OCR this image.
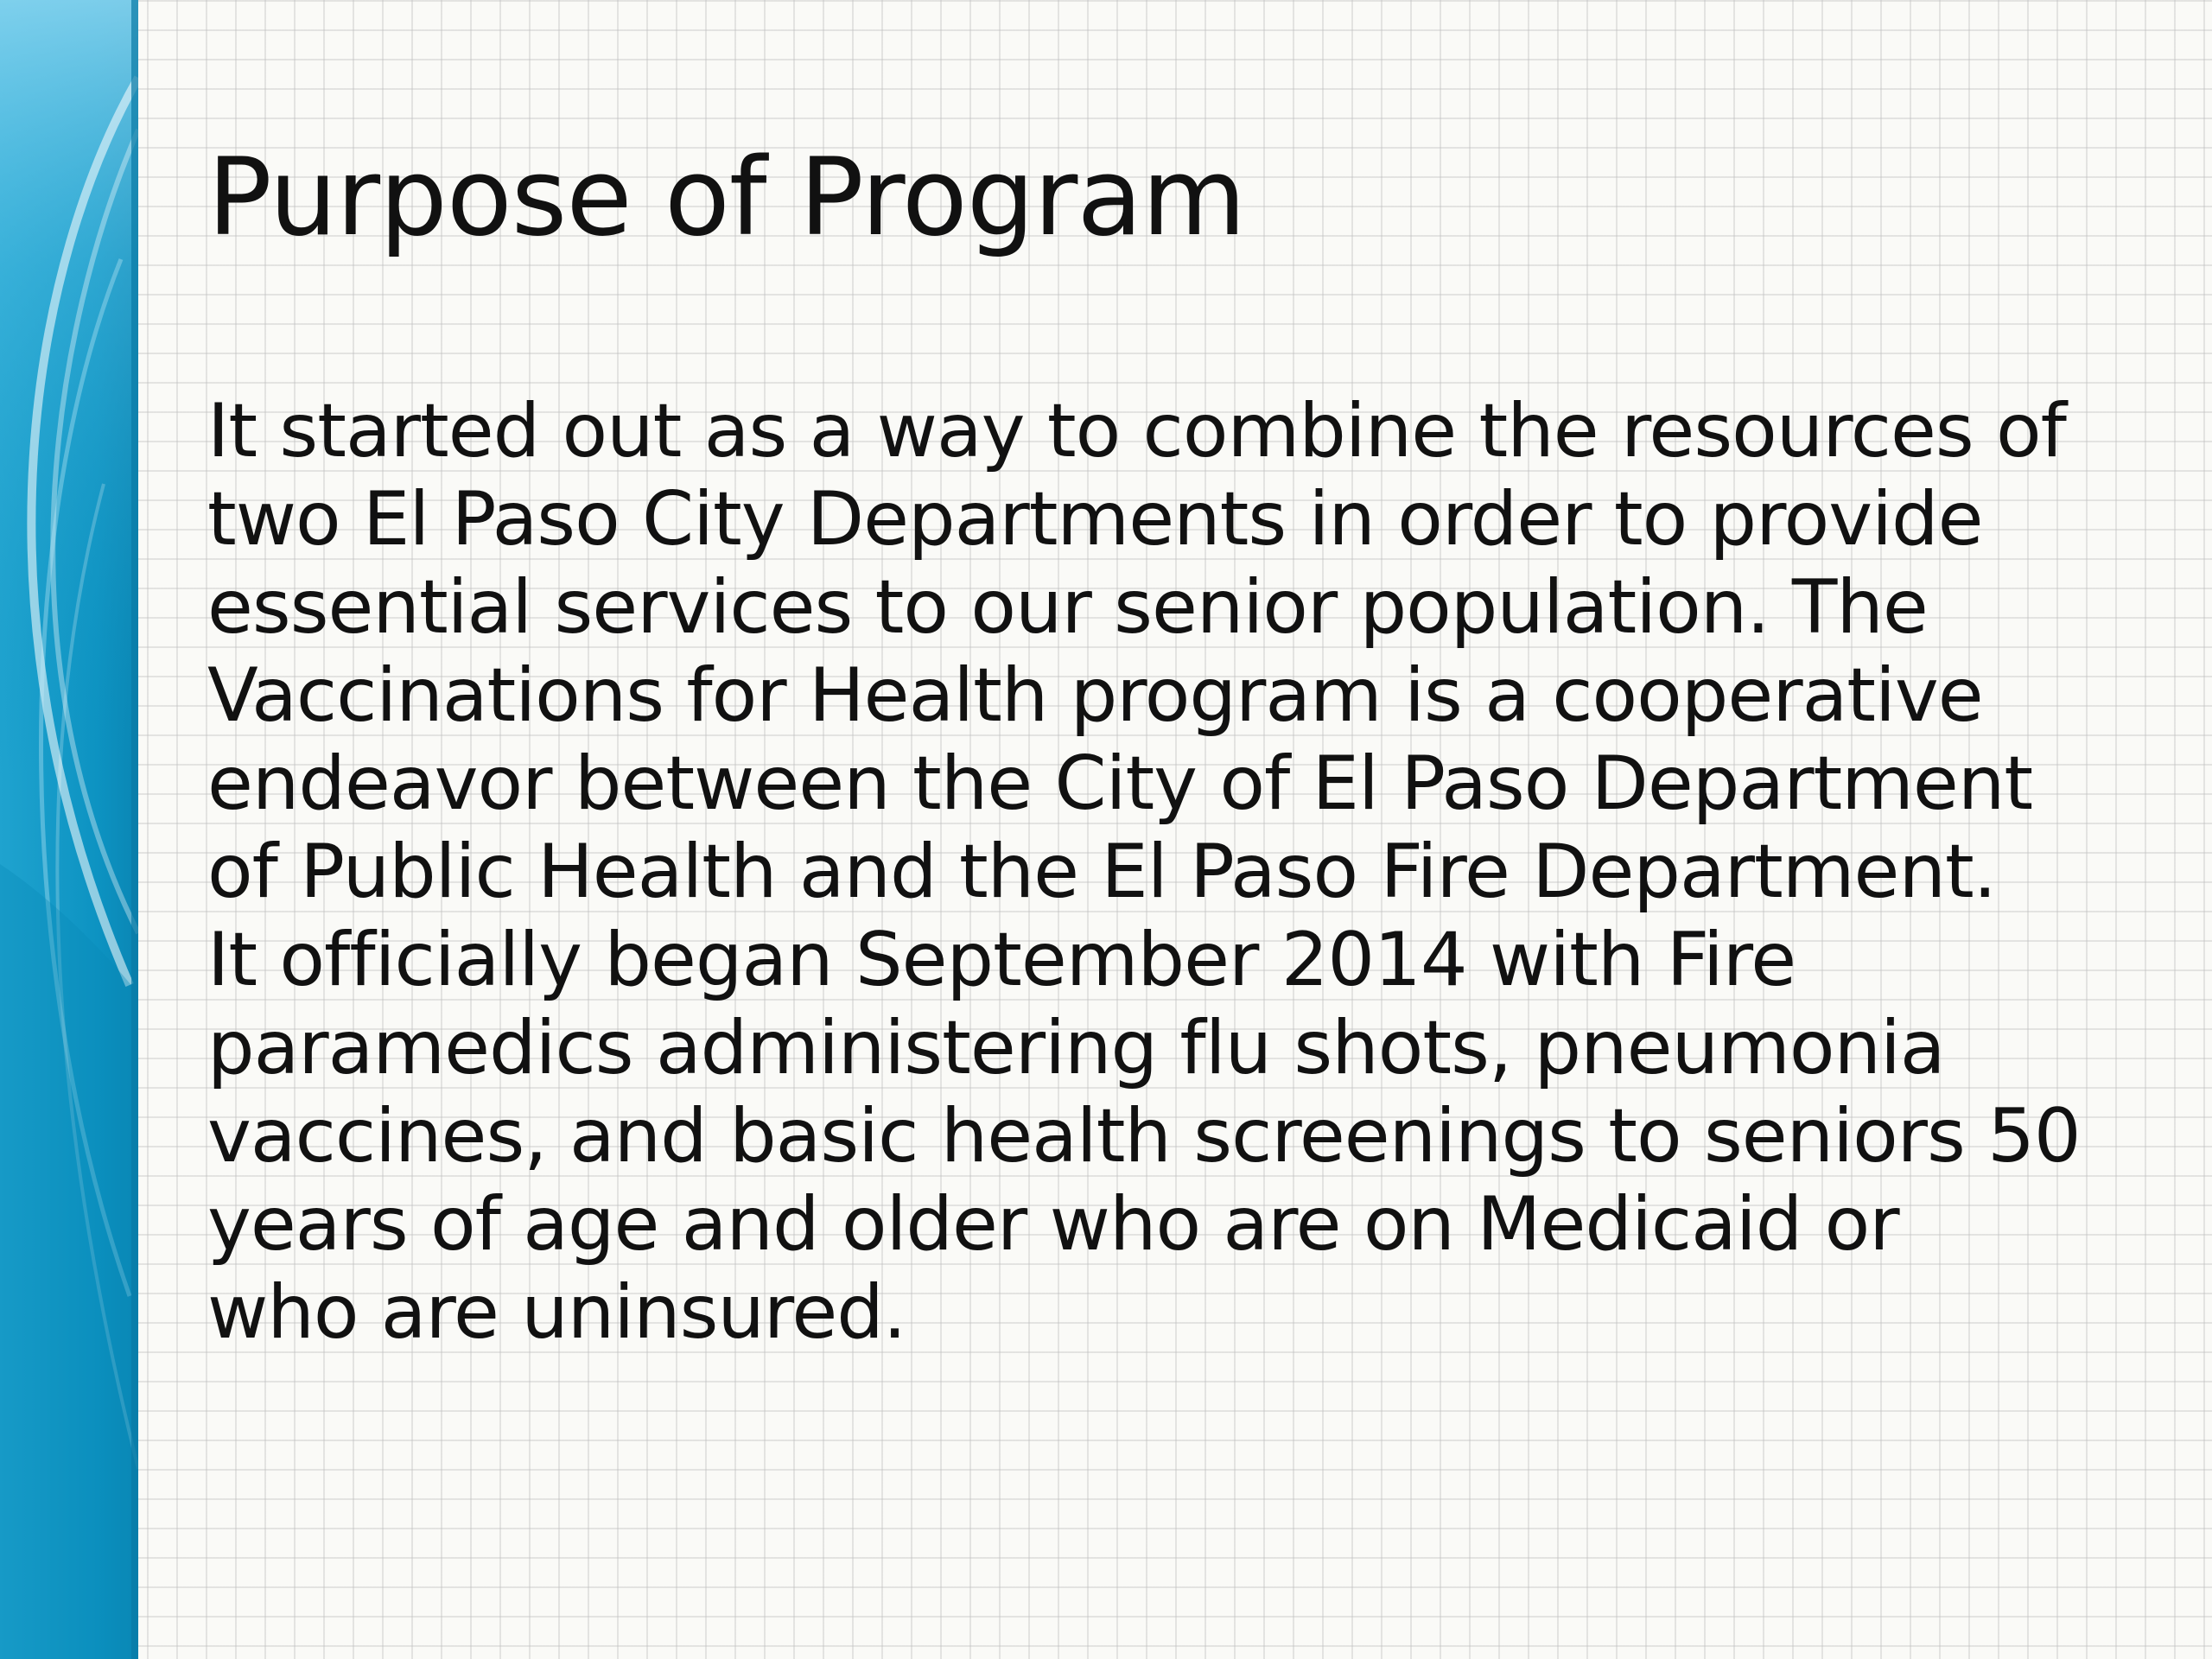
Purpose of Program

It started out as a way to combine the resources of
two El Paso City Departments in order to provide
essential services to our senior population. The
Vaccinations for Health program is a cooperative
endeavor between the City of El Paso Department
of Public Health and the El Paso Fire Department.
It officially began September 2014 with Fire
paramedics administering flu shots, pneumonia
vaccines, and basic health screenings to seniors 50
years of age and older who are on Medicaid or
who are uninsured.
